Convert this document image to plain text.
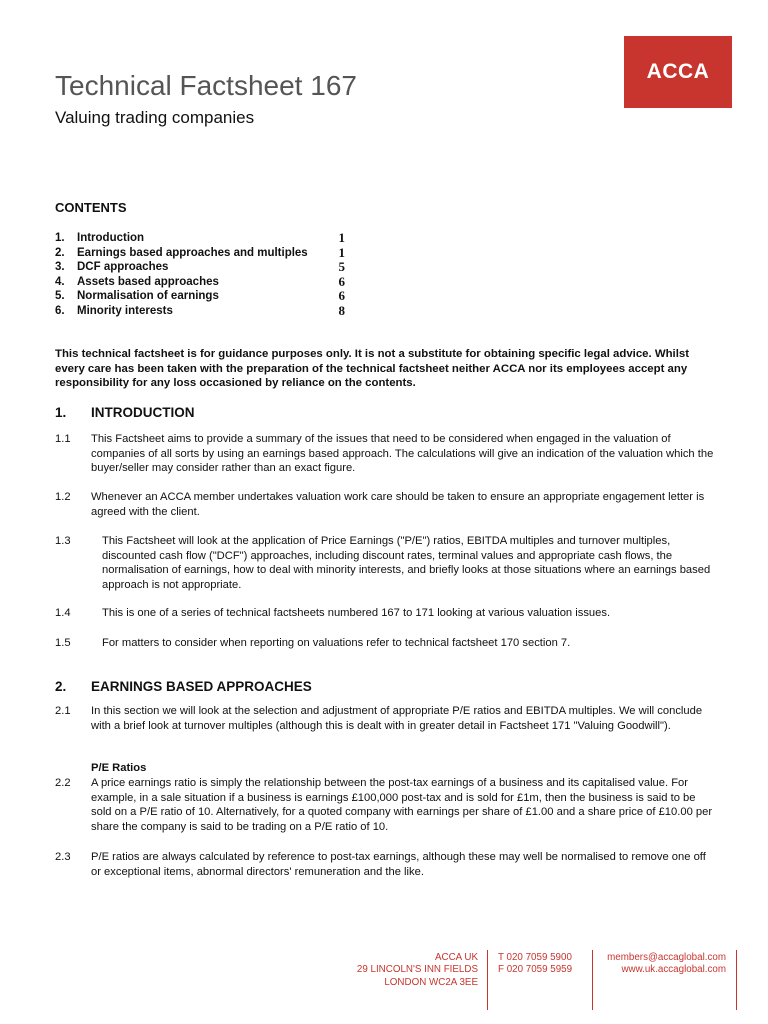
ACCA
Technical Factsheet 167
Valuing trading companies
CONTENTS
1.	Introduction	1
2.	Earnings based approaches and multiples	1
3.	DCF approaches	5
4.	Assets based approaches	6
5.	Normalisation of earnings	6
6.	Minority interests	8

This technical factsheet is for guidance purposes only. It is not a substitute for obtaining specific legal advice. Whilst every care has been taken with the preparation of the technical factsheet neither ACCA nor its employees accept any responsibility for any loss occasioned by reliance on the contents.

1.	INTRODUCTION
1.1	This Factsheet aims to provide a summary of the issues that need to be considered when engaged in the valuation of companies of all sorts by using an earnings based approach. The calculations will give an indication of the valuation which the buyer/seller may consider rather than an exact figure.
1.2	Whenever an ACCA member undertakes valuation work care should be taken to ensure an appropriate engagement letter is agreed with the client.
1.3	This Factsheet will look at the application of Price Earnings ("P/E") ratios, EBITDA multiples and turnover multiples, discounted cash flow ("DCF") approaches, including discount rates, terminal values and appropriate cash flows, the normalisation of earnings, how to deal with minority interests, and briefly looks at those situations where an earnings based approach is not appropriate.
1.4	This is one of a series of technical factsheets numbered 167 to 171 looking at various valuation issues.
1.5	For matters to consider when reporting on valuations refer to technical factsheet 170 section 7.
2.	EARNINGS BASED APPROACHES
2.1	In this section we will look at the selection and adjustment of appropriate P/E ratios and EBITDA multiples. We will conclude with a brief look at turnover multiples (although this is dealt with in greater detail in Factsheet 171 "Valuing Goodwill").
P/E Ratios
2.2	A price earnings ratio is simply the relationship between the post-tax earnings of a business and its capitalised value. For example, in a sale situation if a business is earnings £100,000 post-tax and is sold for £1m, then the business is said to be sold on a P/E ratio of 10. Alternatively, for a quoted company with earnings per share of £1.00 and a share price of £10.00 per share the company is said to be trading on a P/E ratio of 10.
2.3	P/E ratios are always calculated by reference to post-tax earnings, although these may well be normalised to remove one off or exceptional items, abnormal directors' remuneration and the like.
ACCA UK
29 LINCOLN'S INN FIELDS
LONDON WC2A 3EE
T 020 7059 5900
F 020 7059 5959
members@accaglobal.com
www.uk.accaglobal.com
